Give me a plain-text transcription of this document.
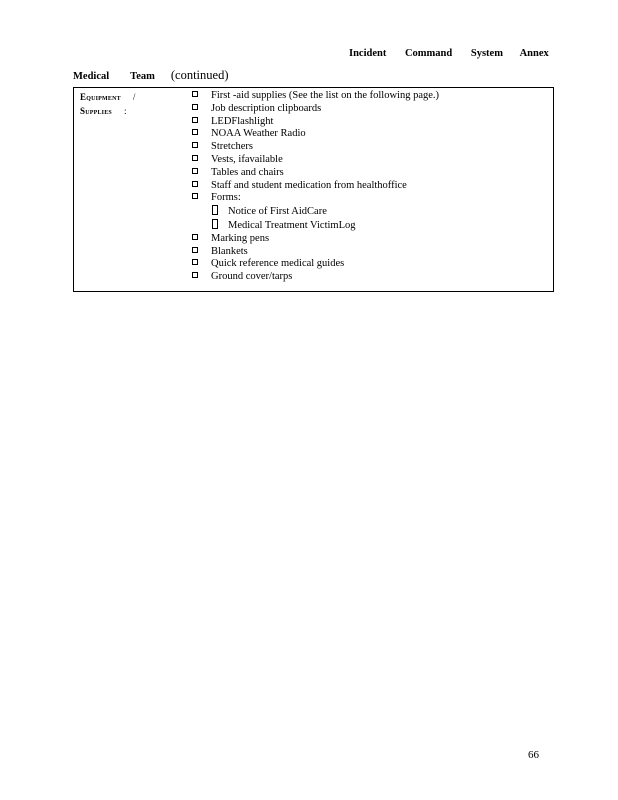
Incident Command System Annex
Medical Team (continued)
Equipment /
Supplies :
First -aid supplies (See the list on the following page.)
Job description clipboards
LEDFlashlight
NOAA Weather Radio
Stretchers
Vests, ifavailable
Tables and chairs
Staff and student medication from healthoffice
Forms:
Notice of First AidCare
Medical Treatment VictimLog
Marking pens
Blankets
Quick reference medical guides
Ground cover/tarps
66
